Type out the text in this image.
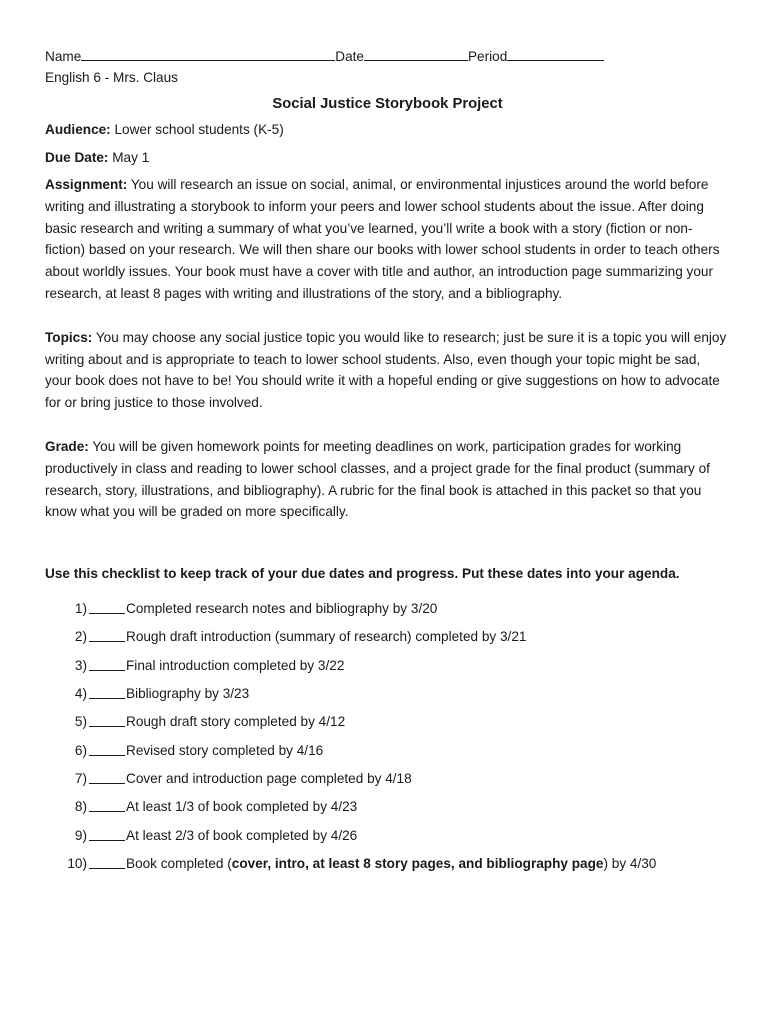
Name	Date	Period
English 6 - Mrs. Claus
Social Justice Storybook Project
Audience: Lower school students (K-5)
Due Date: May 1
Assignment: You will research an issue on social, animal, or environmental injustices around the world before writing and illustrating a storybook to inform your peers and lower school students about the issue. After doing basic research and writing a summary of what you’ve learned, you’ll write a book with a story (fiction or non-fiction) based on your research. We will then share our books with lower school students in order to teach others about worldly issues. Your book must have a cover with title and author, an introduction page summarizing your research, at least 8 pages with writing and illustrations of the story, and a bibliography.
Topics: You may choose any social justice topic you would like to research; just be sure it is a topic you will enjoy writing about and is appropriate to teach to lower school students. Also, even though your topic might be sad, your book does not have to be! You should write it with a hopeful ending or give suggestions on how to advocate for or bring justice to those involved.
Grade: You will be given homework points for meeting deadlines on work, participation grades for working productively in class and reading to lower school classes, and a project grade for the final product (summary of research, story, illustrations, and bibliography). A rubric for the final book is attached in this packet so that you know what you will be graded on more specifically.
Use this checklist to keep track of your due dates and progress. Put these dates into your agenda.
1)	Completed research notes and bibliography by 3/20
2)	Rough draft introduction (summary of research) completed by 3/21
3)	Final introduction completed by 3/22
4)	Bibliography by 3/23
5)	Rough draft story completed by 4/12
6)	Revised story completed by 4/16
7)	Cover and introduction page completed by 4/18
8)	At least 1/3 of book completed by 4/23
9)	At least 2/3 of book completed by 4/26
10)	Book completed (cover, intro, at least 8 story pages, and bibliography page) by 4/30
